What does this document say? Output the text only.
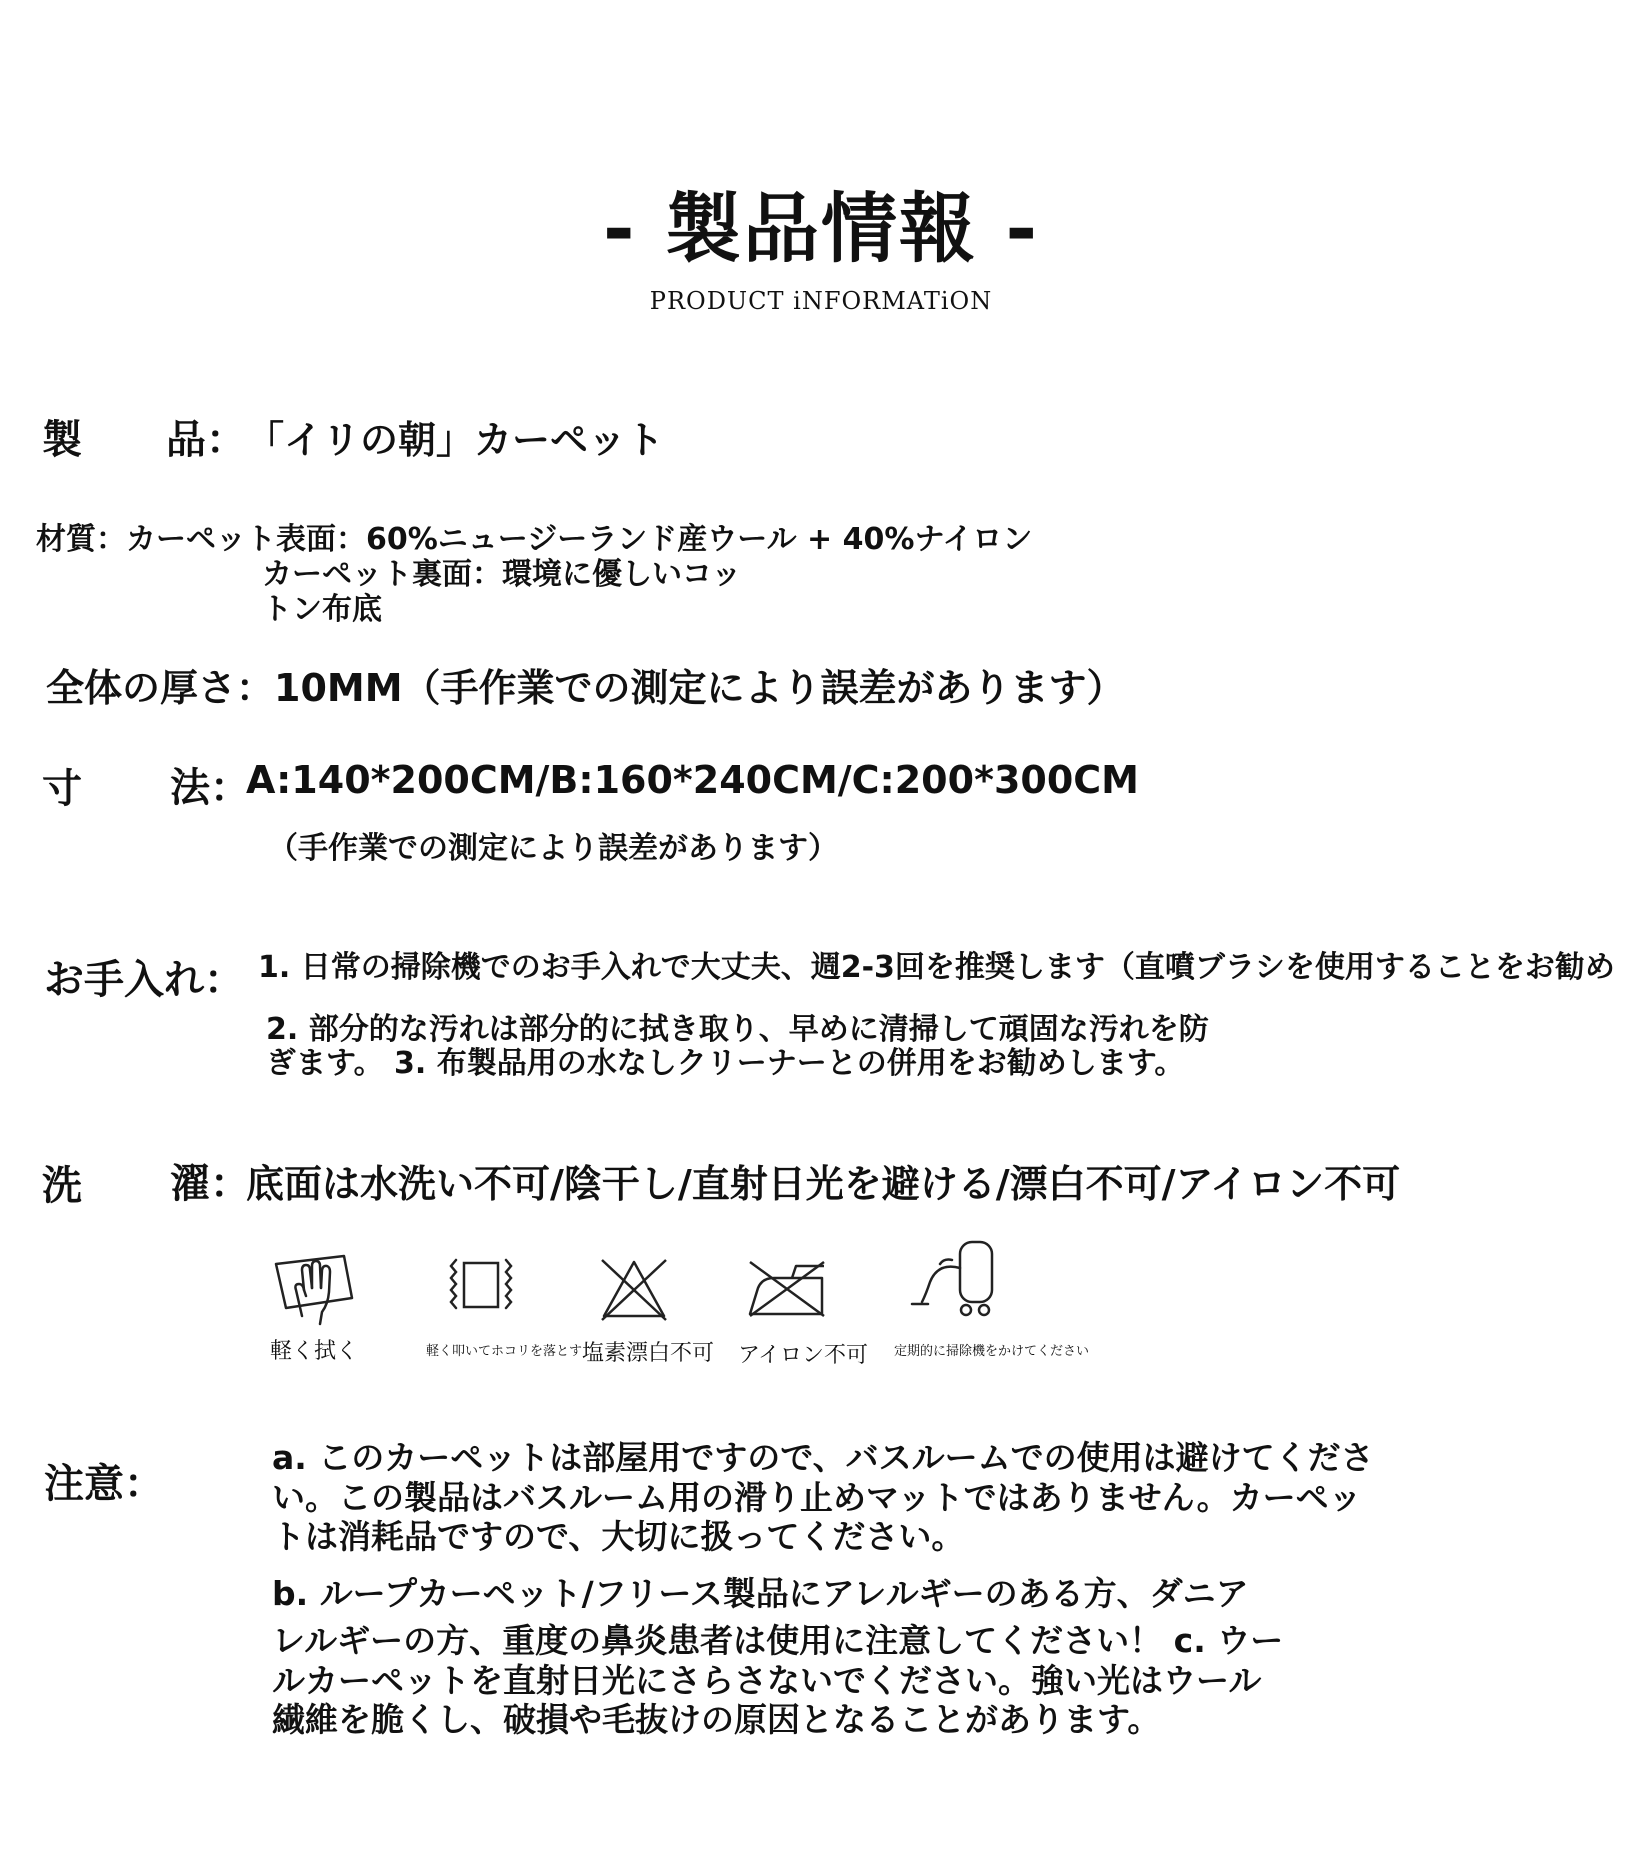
- 製品情報 -
PRODUCT iNFORMATiON
製 品： 「イリの朝」カーペット
材質：カーペット表面：60%ニュージーランド産ウール + 40%ナイロン
カーペット裏面：環境に優しいコッ
トン布底
全体の厚さ：10MM（手作業での測定により誤差があります）
寸 法：
A:140*200CM/B:160*240CM/C:200*300CM
（手作業での測定により誤差があります）
お手入れ： 1. 日常の掃除機でのお手入れで大丈夫、週2-3回を推奨します（直噴ブラシを使用することをお勧め
2. 部分的な汚れは部分的に拭き取り、早めに清掃して頑固な汚れを防
ぎます。 3. 布製品用の水なしクリーナーとの併用をお勧めします。
洗 濯：
底面は水洗い不可/陰干し/直射日光を避ける/漂白不可/アイロン不可
軽く拭く	軽く叩いてホコリを落とす 塩素漂白不可 アイロン不可 定期的に掃除機をかけてください
注意：
a. このカーペットは部屋用ですので、バスルームでの使用は避けてくださ
い。この製品はバスルーム用の滑り止めマットではありません。カーペッ
トは消耗品ですので、大切に扱ってください。
b. ループカーペット/フリース製品にアレルギーのある方、ダニア
レルギーの方、重度の鼻炎患者は使用に注意してください！ c. ウー
ルカーペットを直射日光にさらさないでください。強い光はウール
繊維を脆くし、破損や毛抜けの原因となることがあります。
